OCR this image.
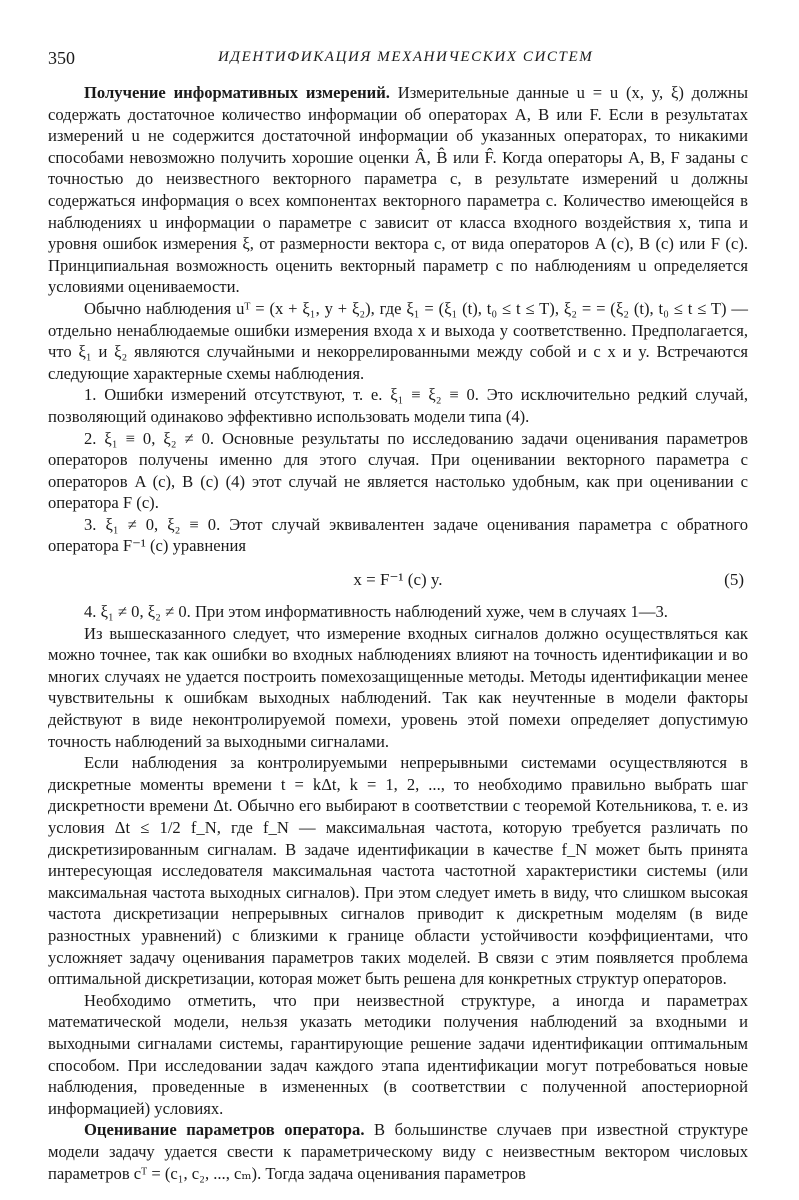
350	ИДЕНТИФИКАЦИЯ МЕХАНИЧЕСКИХ СИСТЕМ

Получение информативных измерений. Измерительные данные u = u (x, y, ξ) должны содержать достаточное количество информации об операторах A, B или F. Если в результатах измерений u не содержится достаточной информации об указанных операторах, то никакими способами невозможно получить хорошие оценки Â, B̂ или F̂. Когда операторы A, B, F заданы с точностью до неизвестного векторного параметра c, в результате измерений u должны содержаться информация о всех компонентах векторного параметра c. Количество имеющейся в наблюдениях u информации о параметре c зависит от класса входного воздействия x, типа и уровня ошибок измерения ξ, от размерности вектора c, от вида операторов A (c), B (c) или F (c). Принципиальная возможность оценить векторный параметр c по наблюдениям u определяется условиями оцениваемости.

Обычно наблюдения uᵀ = (x + ξ₁, y + ξ₂), где ξ₁ = (ξ₁ (t), t₀ ≤ t ≤ T), ξ₂ = = (ξ₂ (t), t₀ ≤ t ≤ T) — отдельно ненаблюдаемые ошибки измерения входа x и выхода y соответственно. Предполагается, что ξ₁ и ξ₂ являются случайными и некоррелированными между собой и с x и y. Встречаются следующие характерные схемы наблюдения.

1. Ошибки измерений отсутствуют, т. е. ξ₁ ≡ ξ₂ ≡ 0. Это исключительно редкий случай, позволяющий одинаково эффективно использовать модели типа (4).

2. ξ₁ ≡ 0, ξ₂ ≠ 0. Основные результаты по исследованию задачи оценивания параметров операторов получены именно для этого случая. При оценивании векторного параметра c операторов A (c), B (c) (4) этот случай не является настолько удобным, как при оценивании c оператора F (c).

3. ξ₁ ≠ 0, ξ₂ ≡ 0. Этот случай эквивалентен задаче оценивания параметра c обратного оператора F⁻¹ (c) уравнения

x = F⁻¹ (c) y.	(5)

4. ξ₁ ≠ 0, ξ₂ ≠ 0. При этом информативность наблюдений хуже, чем в случаях 1—3.

Из вышесказанного следует, что измерение входных сигналов должно осуществляться как можно точнее, так как ошибки во входных наблюдениях влияют на точность идентификации и во многих случаях не удается построить помехозащищенные методы. Методы идентификации менее чувствительны к ошибкам выходных наблюдений. Так как неучтенные в модели факторы действуют в виде неконтролируемой помехи, уровень этой помехи определяет допустимую точность наблюдений за выходными сигналами.

Если наблюдения за контролируемыми непрерывными системами осуществляются в дискретные моменты времени t = kΔt, k = 1, 2, ..., то необходимо правильно выбрать шаг дискретности времени Δt. Обычно его выбирают в соответствии с теоремой Котельникова, т. е. из условия Δt ≤ 1/2 f_N, где f_N — максимальная частота, которую требуется различать по дискретизированным сигналам. В задаче идентификации в качестве f_N может быть принята интересующая исследователя максимальная частота частотной характеристики системы (или максимальная частота выходных сигналов). При этом следует иметь в виду, что слишком высокая частота дискретизации непрерывных сигналов приводит к дискретным моделям (в виде разностных уравнений) с близкими к границе области устойчивости коэффициентами, что усложняет задачу оценивания параметров таких моделей. В связи с этим появляется проблема оптимальной дискретизации, которая может быть решена для конкретных структур операторов.

Необходимо отметить, что при неизвестной структуре, а иногда и параметрах математической модели, нельзя указать методики получения наблюдений за входными и выходными сигналами системы, гарантирующие решение задачи идентификации оптимальным способом. При исследовании задач каждого этапа идентификации могут потребоваться новые наблюдения, проведенные в измененных (в соответствии с полученной апостериорной информацией) условиях.

Оценивание параметров оператора. В большинстве случаев при известной структуре модели задачу удается свести к параметрическому виду с неизвестным вектором числовых параметров cᵀ = (c₁, c₂, ..., cₘ). Тогда задача оценивания параметров
